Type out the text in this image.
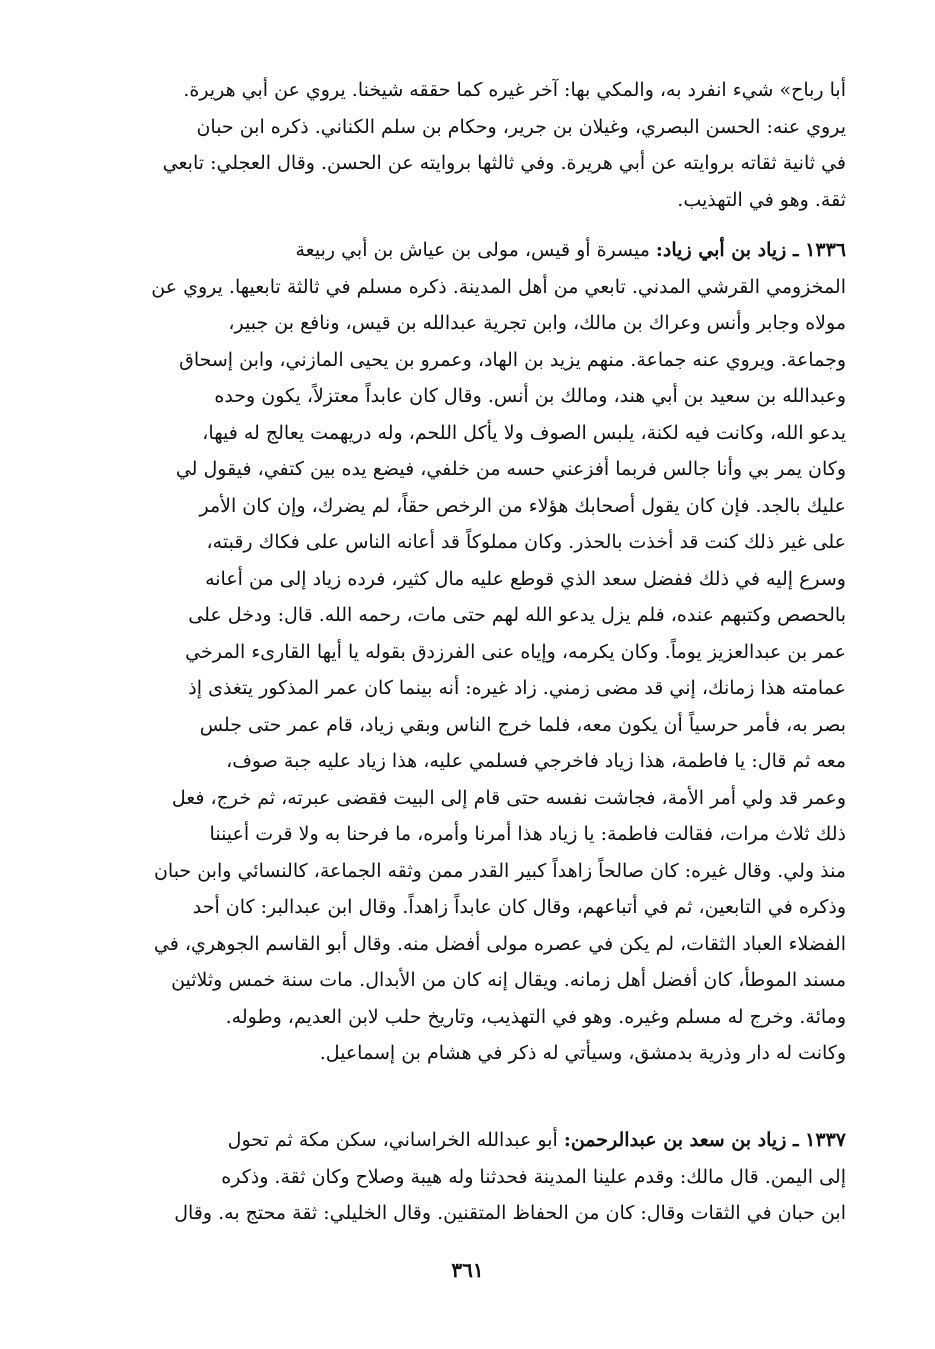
أبا رباح» شيء انفرد به، والمكي بها: آخر غيره كما حققه شيخنا. يروي عن أبي هريرة.
يروي عنه: الحسن البصري، وغيلان بن جرير، وحكام بن سلم الكناني. ذكره ابن حبان
في ثانية ثقاته بروايته عن أبي هريرة. وفي ثالثها بروايته عن الحسن. وقال العجلي: تابعي
ثقة. وهو في التهذيب.
١٣٣٦ ـ زياد بن أبي زياد: ميسرة أو قيس، مولى بن عياش بن أبي ربيعة
المخزومي القرشي المدني. تابعي من أهل المدينة. ذكره مسلم في ثالثة تابعيها. يروي عن
مولاه وجابر وأنس وعراك بن مالك، وابن تجرية عبدالله بن قيس، ونافع بن جبير،
وجماعة. ويروي عنه جماعة. منهم يزيد بن الهاد، وعمرو بن يحيى المازني، وابن إسحاق
وعبدالله بن سعيد بن أبي هند، ومالك بن أنس. وقال كان عابداً معتزلاً، يكون وحده
يدعو الله، وكانت فيه لكنة، يلبس الصوف ولا يأكل اللحم، وله دريهمت يعالج له فيها،
وكان يمر بي وأنا جالس فربما أفزعني حسه من خلفي، فيضع يده بين كتفي، فيقول لي
عليك بالجد. فإن كان يقول أصحابك هؤلاء من الرخص حقاً، لم يضرك، وإن كان الأمر
على غير ذلك كنت قد أخذت بالحذر. وكان مملوكاً قد أعانه الناس على فكاك رقبته،
وسرع إليه في ذلك ففضل سعد الذي قوطع عليه مال كثير، فرده زياد إلى من أعانه
بالحصص وكتبهم عنده، فلم يزل يدعو الله لهم حتى مات، رحمه الله. قال: ودخل على
عمر بن عبدالعزيز يوماً. وكان يكرمه، وإياه عنى الفرزدق بقوله يا أيها القارىء المرخي
عمامته هذا زمانك، إني قد مضى زمني. زاد غيره: أنه بينما كان عمر المذكور يتغذى إذ
بصر به، فأمر حرسياً أن يكون معه، فلما خرج الناس وبقي زياد، قام عمر حتى جلس
معه ثم قال: يا فاطمة، هذا زياد فاخرجي فسلمي عليه، هذا زياد عليه جبة صوف،
وعمر قد ولي أمر الأمة، فجاشت نفسه حتى قام إلى البيت فقضى عبرته، ثم خرج، فعل
ذلك ثلاث مرات، فقالت فاطمة: يا زياد هذا أمرنا وأمره، ما فرحنا به ولا قرت أعيننا
منذ ولي. وقال غيره: كان صالحاً زاهداً كبير القدر ممن وثقه الجماعة، كالنسائي وابن حبان
وذكره في التابعين، ثم في أتباعهم، وقال كان عابداً زاهداً. وقال ابن عبدالبر: كان أحد
الفضلاء العباد الثقات، لم يكن في عصره مولى أفضل منه. وقال أبو القاسم الجوهري، في
مسند الموطأ، كان أفضل أهل زمانه. ويقال إنه كان من الأبدال. مات سنة خمس وثلاثين
ومائة. وخرج له مسلم وغيره. وهو في التهذيب، وتاريخ حلب لابن العديم، وطوله.
وكانت له دار وذرية بدمشق، وسيأتي له ذكر في هشام بن إسماعيل.
١٣٣٧ ـ زياد بن سعد بن عبدالرحمن: أبو عبدالله الخراساني، سكن مكة ثم تحول
إلى اليمن. قال مالك: وقدم علينا المدينة فحدثنا وله هيبة وصلاح وكان ثقة. وذكره
ابن حبان في الثقات وقال: كان من الحفاظ المتقنين. وقال الخليلي: ثقة محتج به. وقال
٣٦١
